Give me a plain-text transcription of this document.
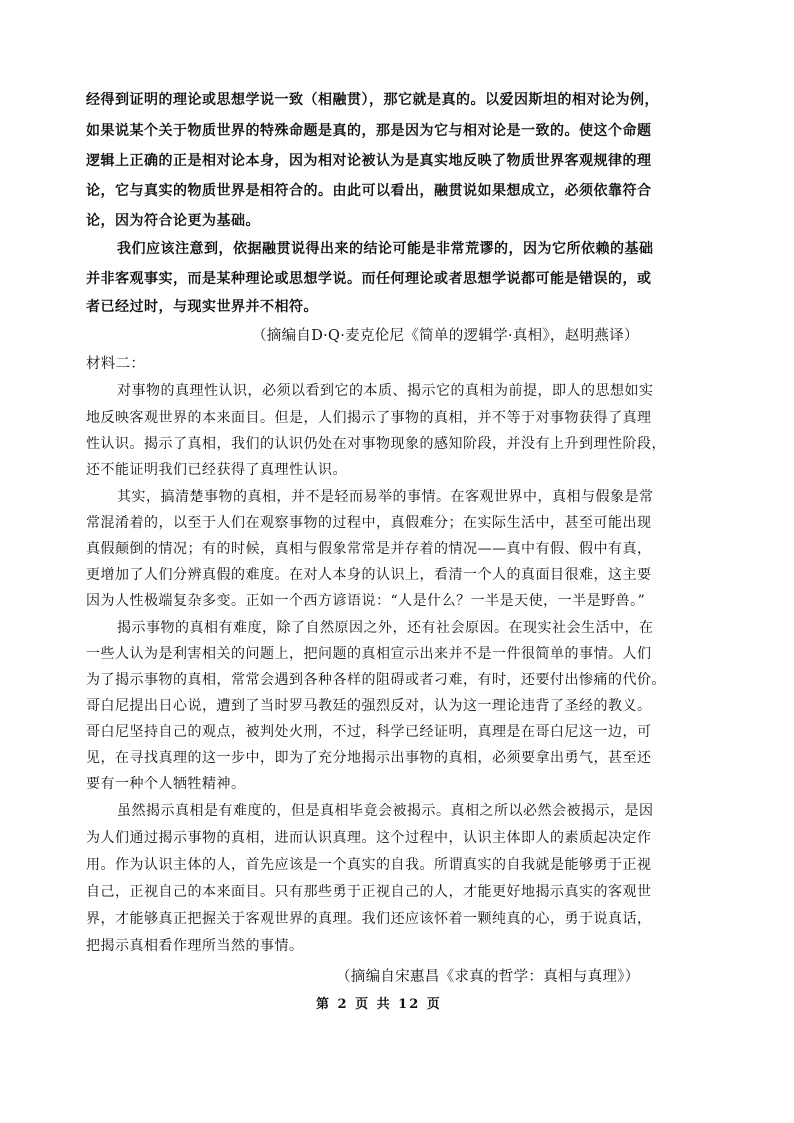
经得到证明的理论或思想学说一致（相融贯），那它就是真的。以爱因斯坦的相对论为例，
如果说某个关于物质世界的特殊命题是真的，那是因为它与相对论是一致的。使这个命题
逻辑上正确的正是相对论本身，因为相对论被认为是真实地反映了物质世界客观规律的理
论，它与真实的物质世界是相符合的。由此可以看出，融贯说如果想成立，必须依靠符合
论，因为符合论更为基础。
我们应该注意到，依据融贯说得出来的结论可能是非常荒谬的，因为它所依赖的基础
并非客观事实，而是某种理论或思想学说。而任何理论或者思想学说都可能是错误的，或
者已经过时，与现实世界并不相符。
（摘编自D·Q·麦克伦尼《简单的逻辑学·真相》，赵明燕译）
材料二：
对事物的真理性认识，必须以看到它的本质、揭示它的真相为前提，即人的思想如实
地反映客观世界的本来面目。但是，人们揭示了事物的真相，并不等于对事物获得了真理
性认识。揭示了真相，我们的认识仍处在对事物现象的感知阶段，并没有上升到理性阶段，
还不能证明我们已经获得了真理性认识。
其实，搞清楚事物的真相，并不是轻而易举的事情。在客观世界中，真相与假象是常
常混淆着的，以至于人们在观察事物的过程中，真假难分；在实际生活中，甚至可能出现
真假颠倒的情况；有的时候，真相与假象常常是并存着的情况——真中有假、假中有真，
更增加了人们分辨真假的难度。在对人本身的认识上，看清一个人的真面目很难，这主要
因为人性极端复杂多变。正如一个西方谚语说：“人是什么？一半是天使，一半是野兽。”
揭示事物的真相有难度，除了自然原因之外，还有社会原因。在现实社会生活中，在
一些人认为是利害相关的问题上，把问题的真相宣示出来并不是一件很简单的事情。人们
为了揭示事物的真相，常常会遇到各种各样的阻碍或者刁难，有时，还要付出惨痛的代价。
哥白尼提出日心说，遭到了当时罗马教廷的强烈反对，认为这一理论违背了圣经的教义。
哥白尼坚持自己的观点，被判处火刑，不过，科学已经证明，真理是在哥白尼这一边，可
见，在寻找真理的这一步中，即为了充分地揭示出事物的真相，必须要拿出勇气，甚至还
要有一种个人牺牲精神。
虽然揭示真相是有难度的，但是真相毕竟会被揭示。真相之所以必然会被揭示，是因
为人们通过揭示事物的真相，进而认识真理。这个过程中，认识主体即人的素质起决定作
用。作为认识主体的人，首先应该是一个真实的自我。所谓真实的自我就是能够勇于正视
自己，正视自己的本来面目。只有那些勇于正视自己的人，才能更好地揭示真实的客观世
界，才能够真正把握关于客观世界的真理。我们还应该怀着一颗纯真的心，勇于说真话，
把揭示真相看作理所当然的事情。
（摘编自宋惠昌《求真的哲学：真相与真理》）
第 2 页 共 12 页
